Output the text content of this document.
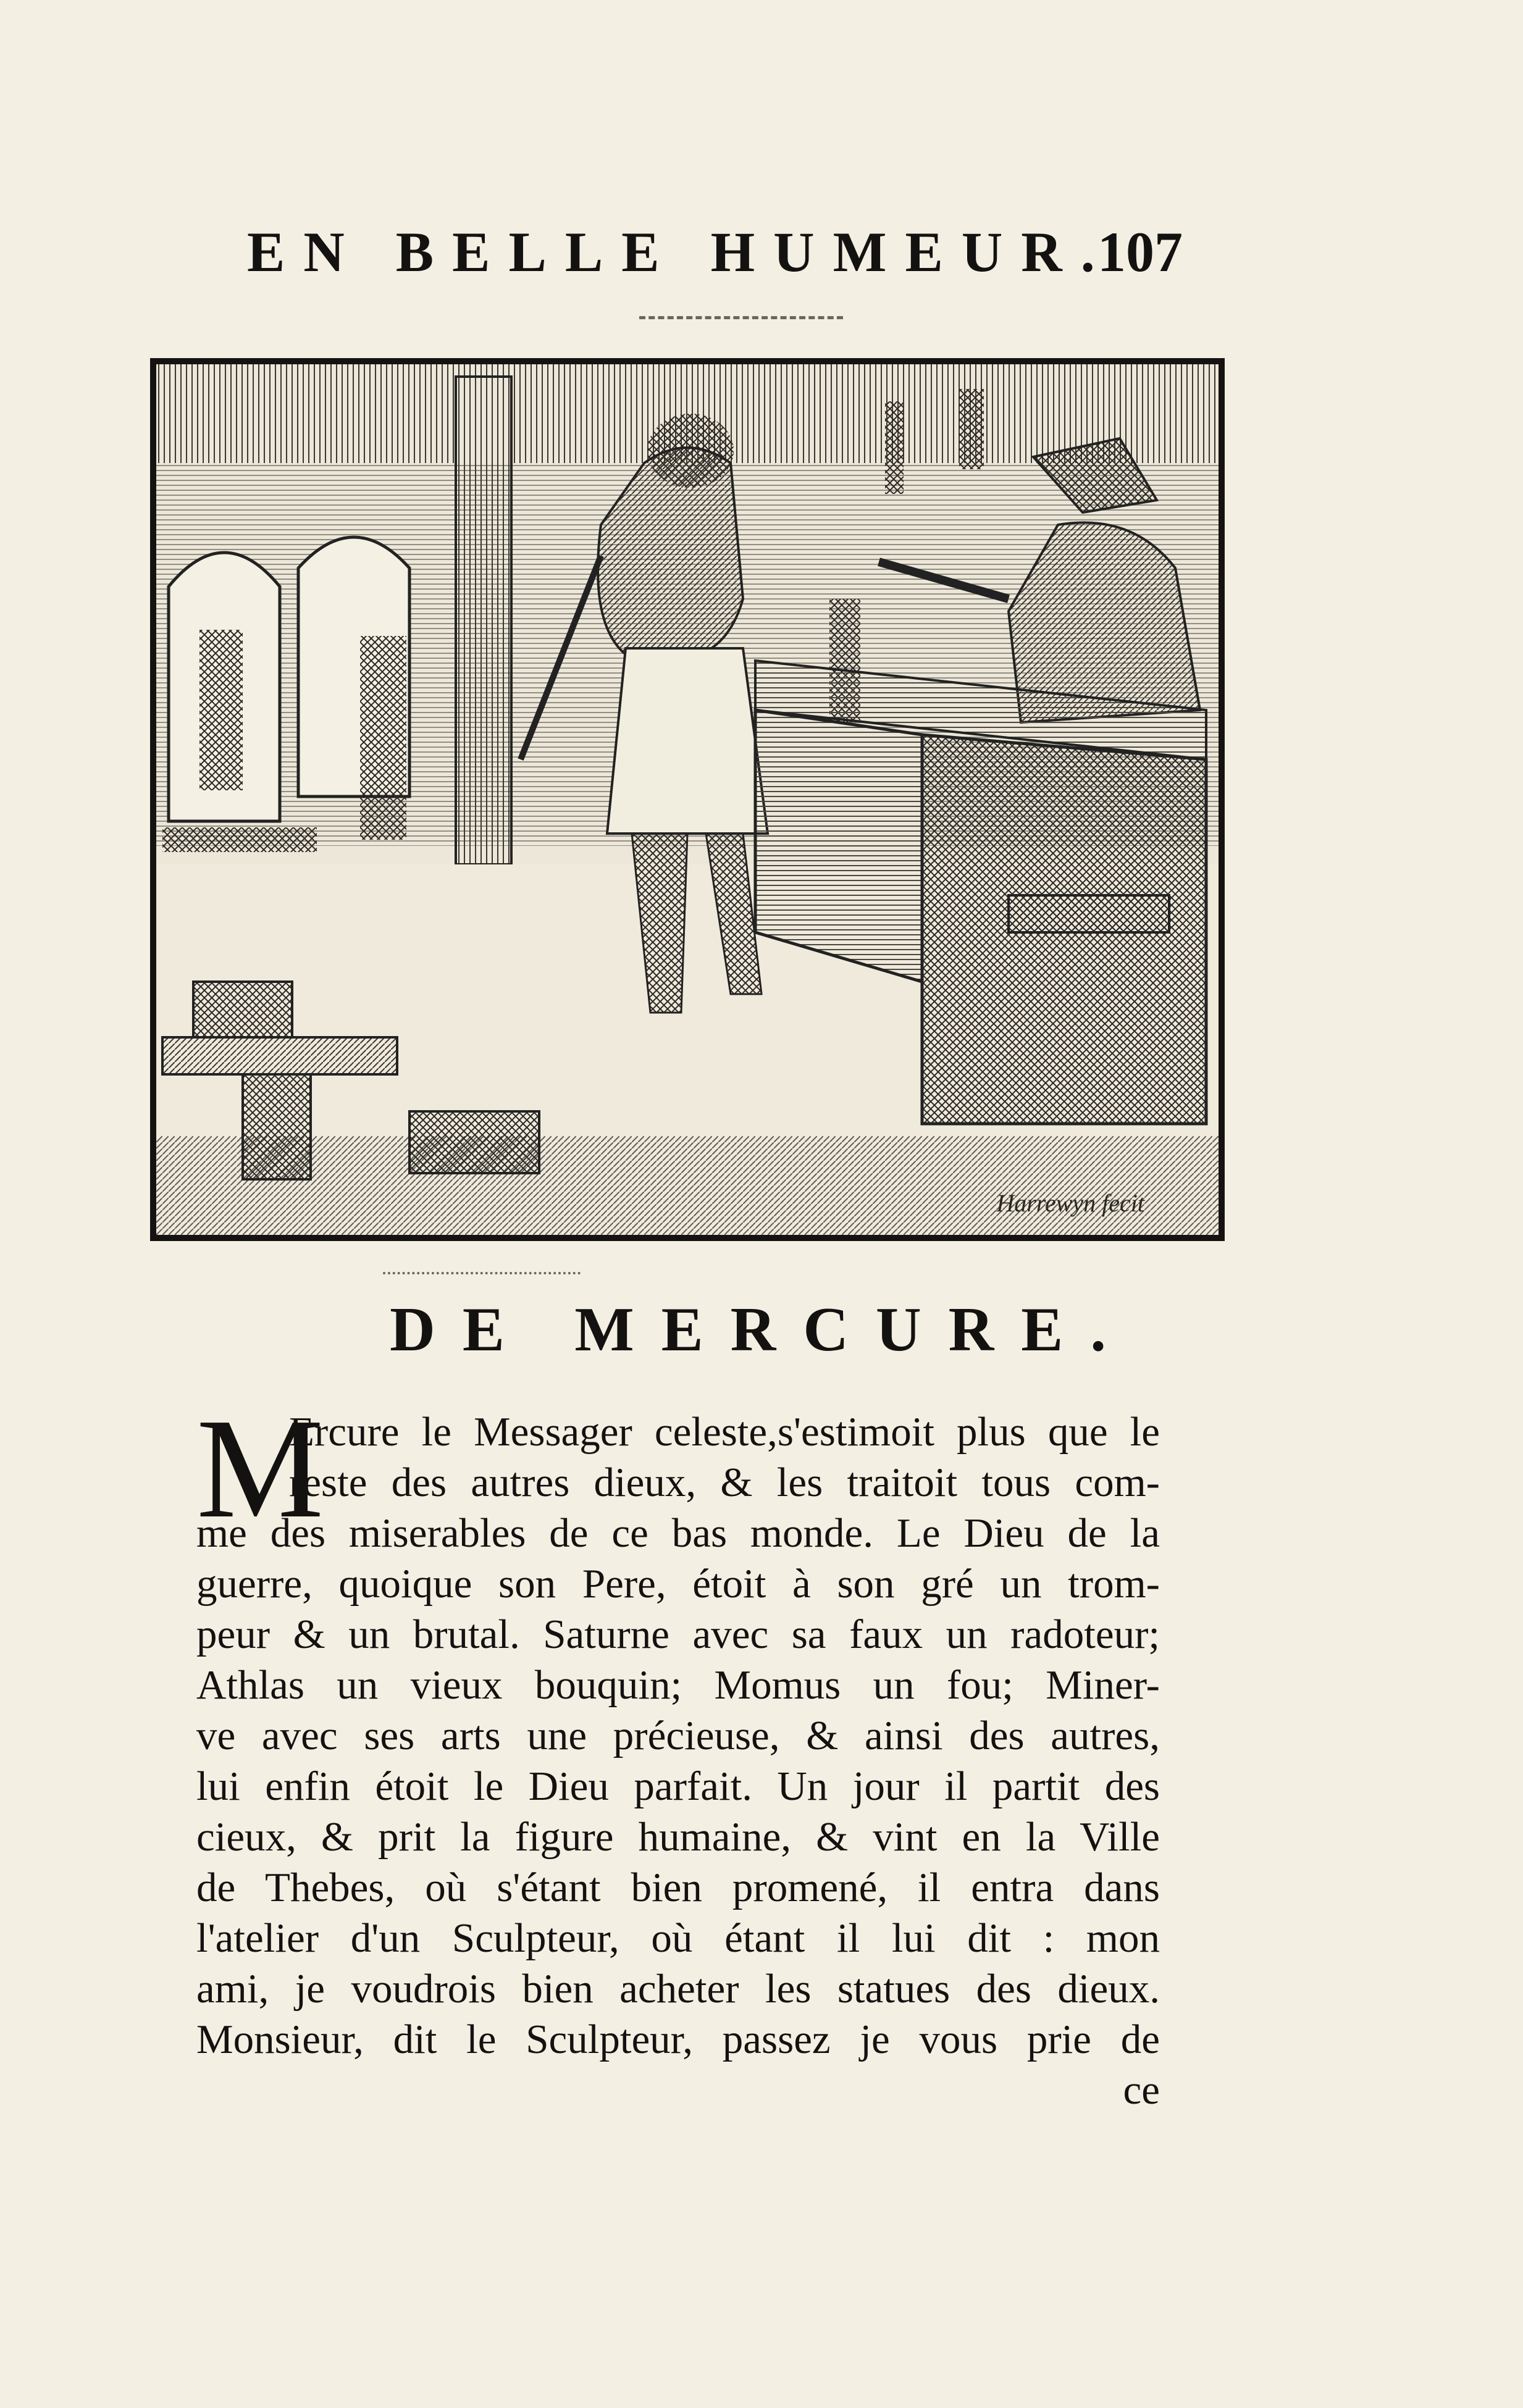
EN BELLE HUMEUR.
107
Harrewyn fecit
DE MERCURE.
M
Ercure le Messager celeste,s'estimoit plus que le
reste des autres dieux, & les traitoit tous com-
me des miserables de ce bas monde. Le Dieu de la
guerre, quoique son Pere, étoit à son gré un trom-
peur & un brutal. Saturne avec sa faux un radoteur;
Athlas un vieux bouquin; Momus un fou; Miner-
ve avec ses arts une précieuse, & ainsi des autres,
lui enfin étoit le Dieu parfait. Un jour il partit des
cieux, & prit la figure humaine, & vint en la Ville
de Thebes, où s'étant bien promené, il entra dans
l'atelier d'un Sculpteur, où étant il lui dit : mon
ami, je voudrois bien acheter les statues des dieux.
Monsieur, dit le Sculpteur, passez je vous prie de
ce
